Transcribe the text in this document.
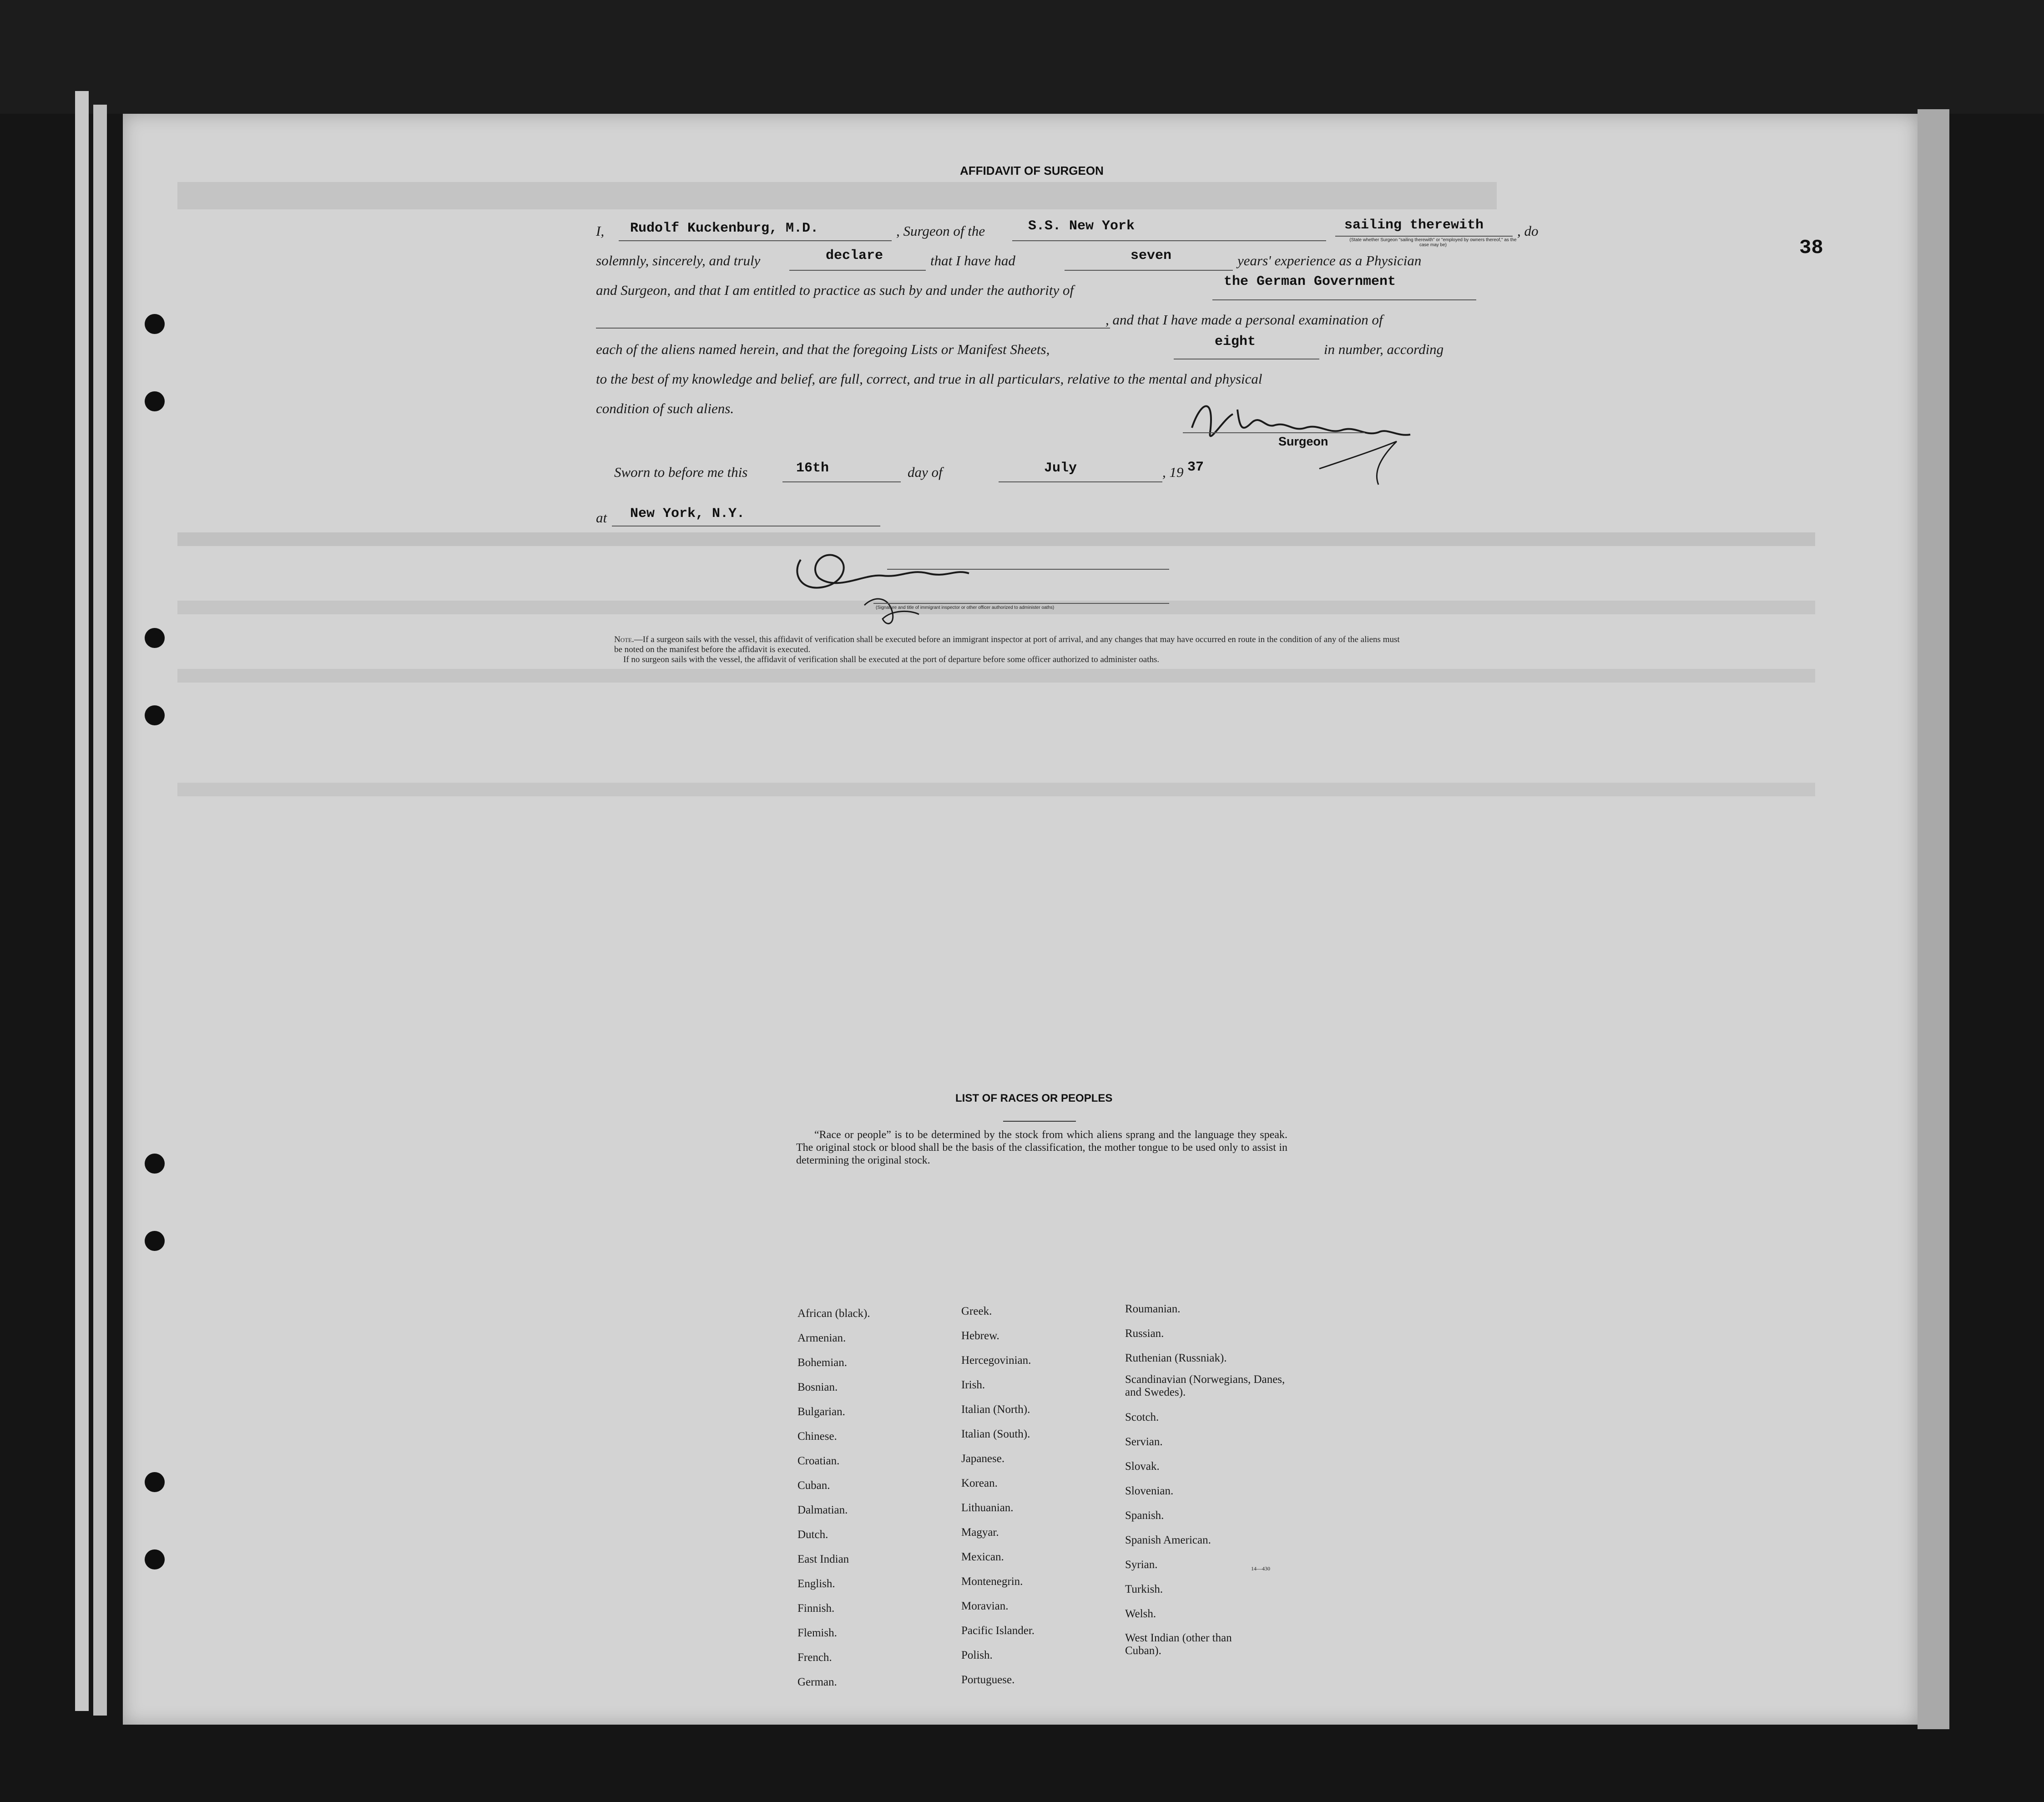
38
AFFIDAVIT OF SURGEON
I, Rudolf Kuckenburg, M.D.	, Surgeon of the	S.S. New York	sailing therewith , do
(State whether Surgeon "sailing therewith" or "employed by owners thereof," as the case may be)
solemnly, sincerely, and truly	declare	that I have had	seven	years' experience as a Physician
and Surgeon, and that I am entitled to practice as such by and under the authority of
the German Government
, and that I have made a personal examination of
each of the aliens named herein, and that the foregoing Lists or Manifest Sheets,	eight	in number, according
to the best of my knowledge and belief, are full, correct, and true in all particulars, relative to the mental and physical
condition of such aliens.
Surgeon
Sworn to before me this	16th	day of	July	, 19 37
at New York, N.Y.
(Signature and title of immigrant inspector or other officer authorized to administer oaths)
Note.—If a surgeon sails with the vessel, this affidavit of verification shall be executed before an immigrant inspector at port of arrival, and any changes that may have occurred en route in the condition of any of the aliens must be noted on the manifest before the affidavit is executed.
If no surgeon sails with the vessel, the affidavit of verification shall be executed at the port of departure before some officer authorized to administer oaths.
LIST OF RACES OR PEOPLES
“Race or people” is to be determined by the stock from which aliens sprang and the language they speak. The original stock or blood shall be the basis of the classification, the mother tongue to be used only to assist in determining the original stock.
African (black).
Armenian.
Bohemian.
Bosnian.
Bulgarian.
Chinese.
Croatian.
Cuban.
Dalmatian.
Dutch.
East Indian
English.
Finnish.
Flemish.
French.
German.
Greek.
Hebrew.
Hercegovinian.
Irish.
Italian (North).
Italian (South).
Japanese.
Korean.
Lithuanian.
Magyar.
Mexican.
Montenegrin.
Moravian.
Pacific Islander.
Polish.
Portuguese.
Roumanian.
Russian.
Ruthenian (Russniak).
Scandinavian (Norwegians, Danes, and Swedes).
Scotch.
Servian.
Slovak.
Slovenian.
Spanish.
Spanish American.
Syrian.
Turkish.
Welsh.
West Indian (other than Cuban).
14—430
